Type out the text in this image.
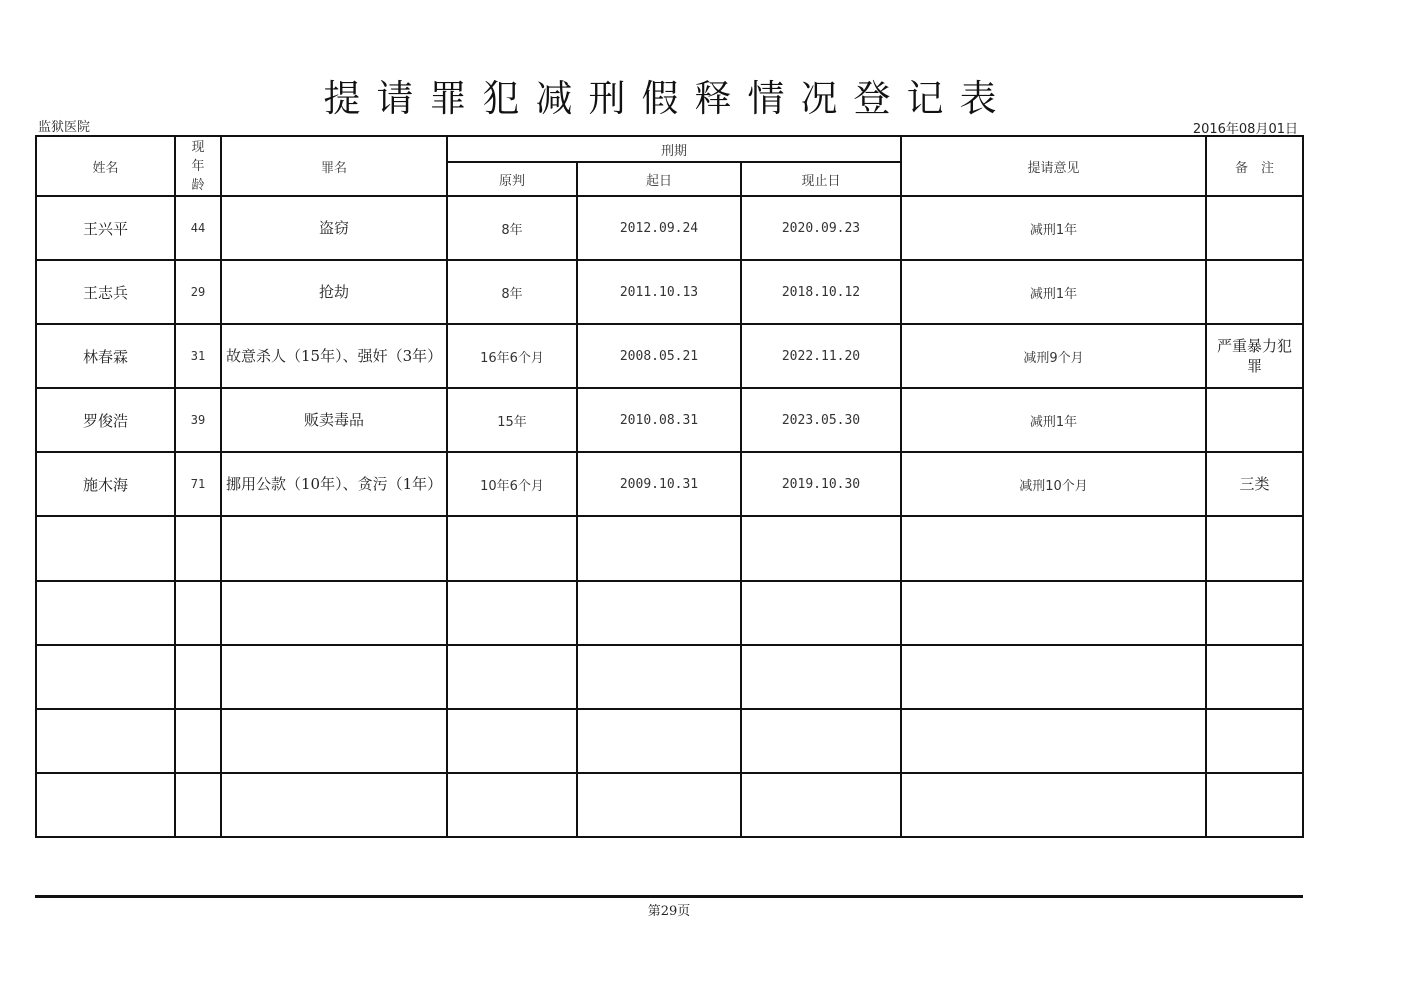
提请罪犯减刑假释情况登记表
监狱医院	2016年08月01日
姓名	现
年
龄	罪名	刑期			提请意见	备　注
			原判	起日	现止日		
王兴平	44	盗窃	8年	2012.09.24	2020.09.23	减刑1年	
王志兵	29	抢劫	8年	2011.10.13	2018.10.12	减刑1年	
林春霖	31	故意杀人（15年）、强奸（3年）	16年6个月	2008.05.21	2022.11.20	减刑9个月	严重暴力犯罪
罗俊浩	39	贩卖毒品	15年	2010.08.31	2023.05.30	减刑1年	
施木海	71	挪用公款（10年）、贪污（1年）	10年6个月	2009.10.31	2019.10.30	减刑10个月	三类

第29页
